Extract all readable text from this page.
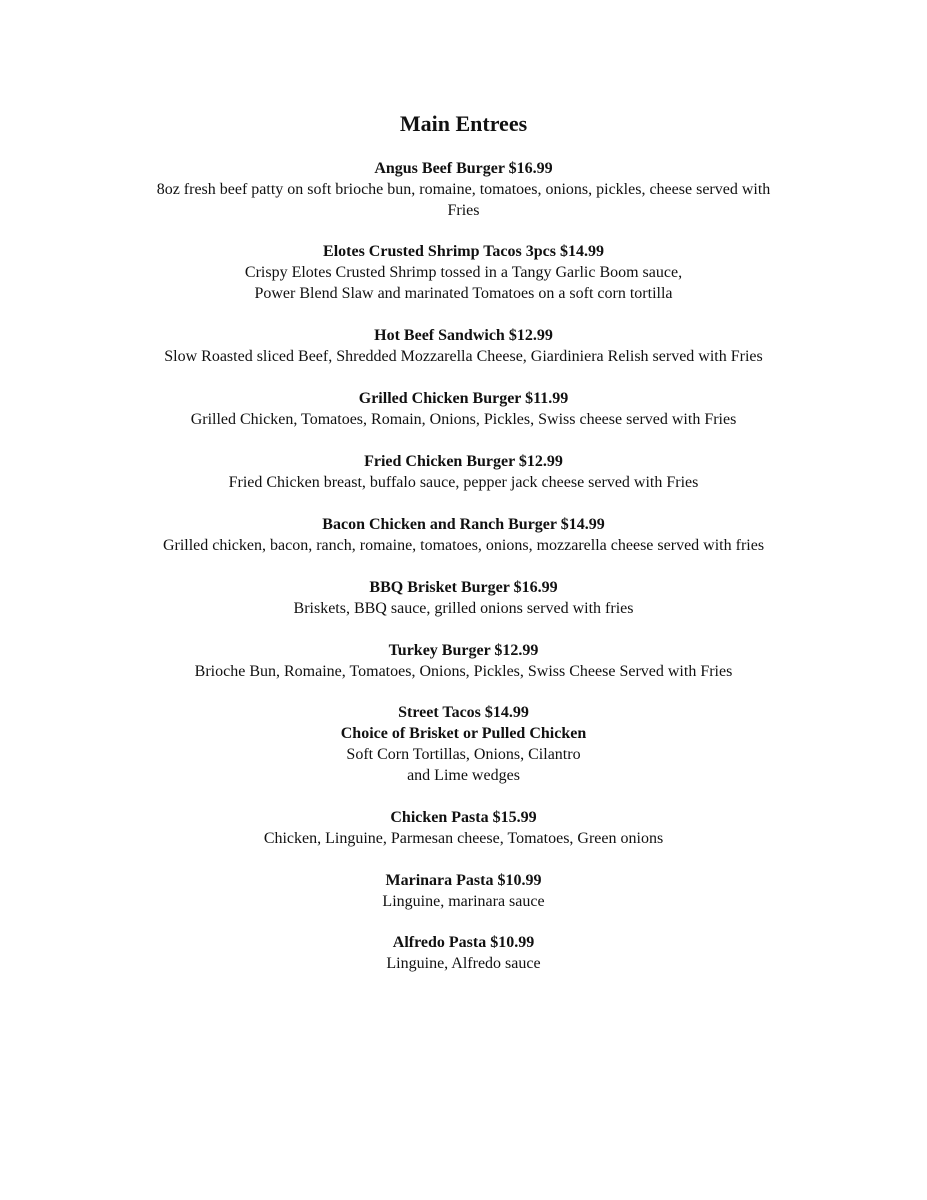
Main Entrees
Angus Beef Burger $16.99
8oz fresh beef patty on soft brioche bun, romaine, tomatoes, onions, pickles, cheese served with
Fries
Elotes Crusted Shrimp Tacos 3pcs $14.99
Crispy Elotes Crusted Shrimp tossed in a Tangy Garlic Boom sauce,
Power Blend Slaw and marinated Tomatoes on a soft corn tortilla
Hot Beef Sandwich $12.99
Slow Roasted sliced Beef, Shredded Mozzarella Cheese, Giardiniera Relish served with Fries
Grilled Chicken Burger $11.99
Grilled Chicken, Tomatoes, Romain, Onions, Pickles, Swiss cheese served with Fries
Fried Chicken Burger $12.99
Fried Chicken breast, buffalo sauce, pepper jack cheese served with Fries
Bacon Chicken and Ranch Burger $14.99
Grilled chicken, bacon, ranch, romaine, tomatoes, onions, mozzarella cheese served with fries
BBQ Brisket Burger $16.99
Briskets, BBQ sauce, grilled onions served with fries
Turkey Burger $12.99
Brioche Bun, Romaine, Tomatoes, Onions, Pickles, Swiss Cheese Served with Fries
Street Tacos $14.99
Choice of Brisket or Pulled Chicken
Soft Corn Tortillas, Onions, Cilantro
and Lime wedges
Chicken Pasta $15.99
Chicken, Linguine, Parmesan cheese, Tomatoes, Green onions
Marinara Pasta $10.99
Linguine, marinara sauce
Alfredo Pasta $10.99
Linguine, Alfredo sauce
